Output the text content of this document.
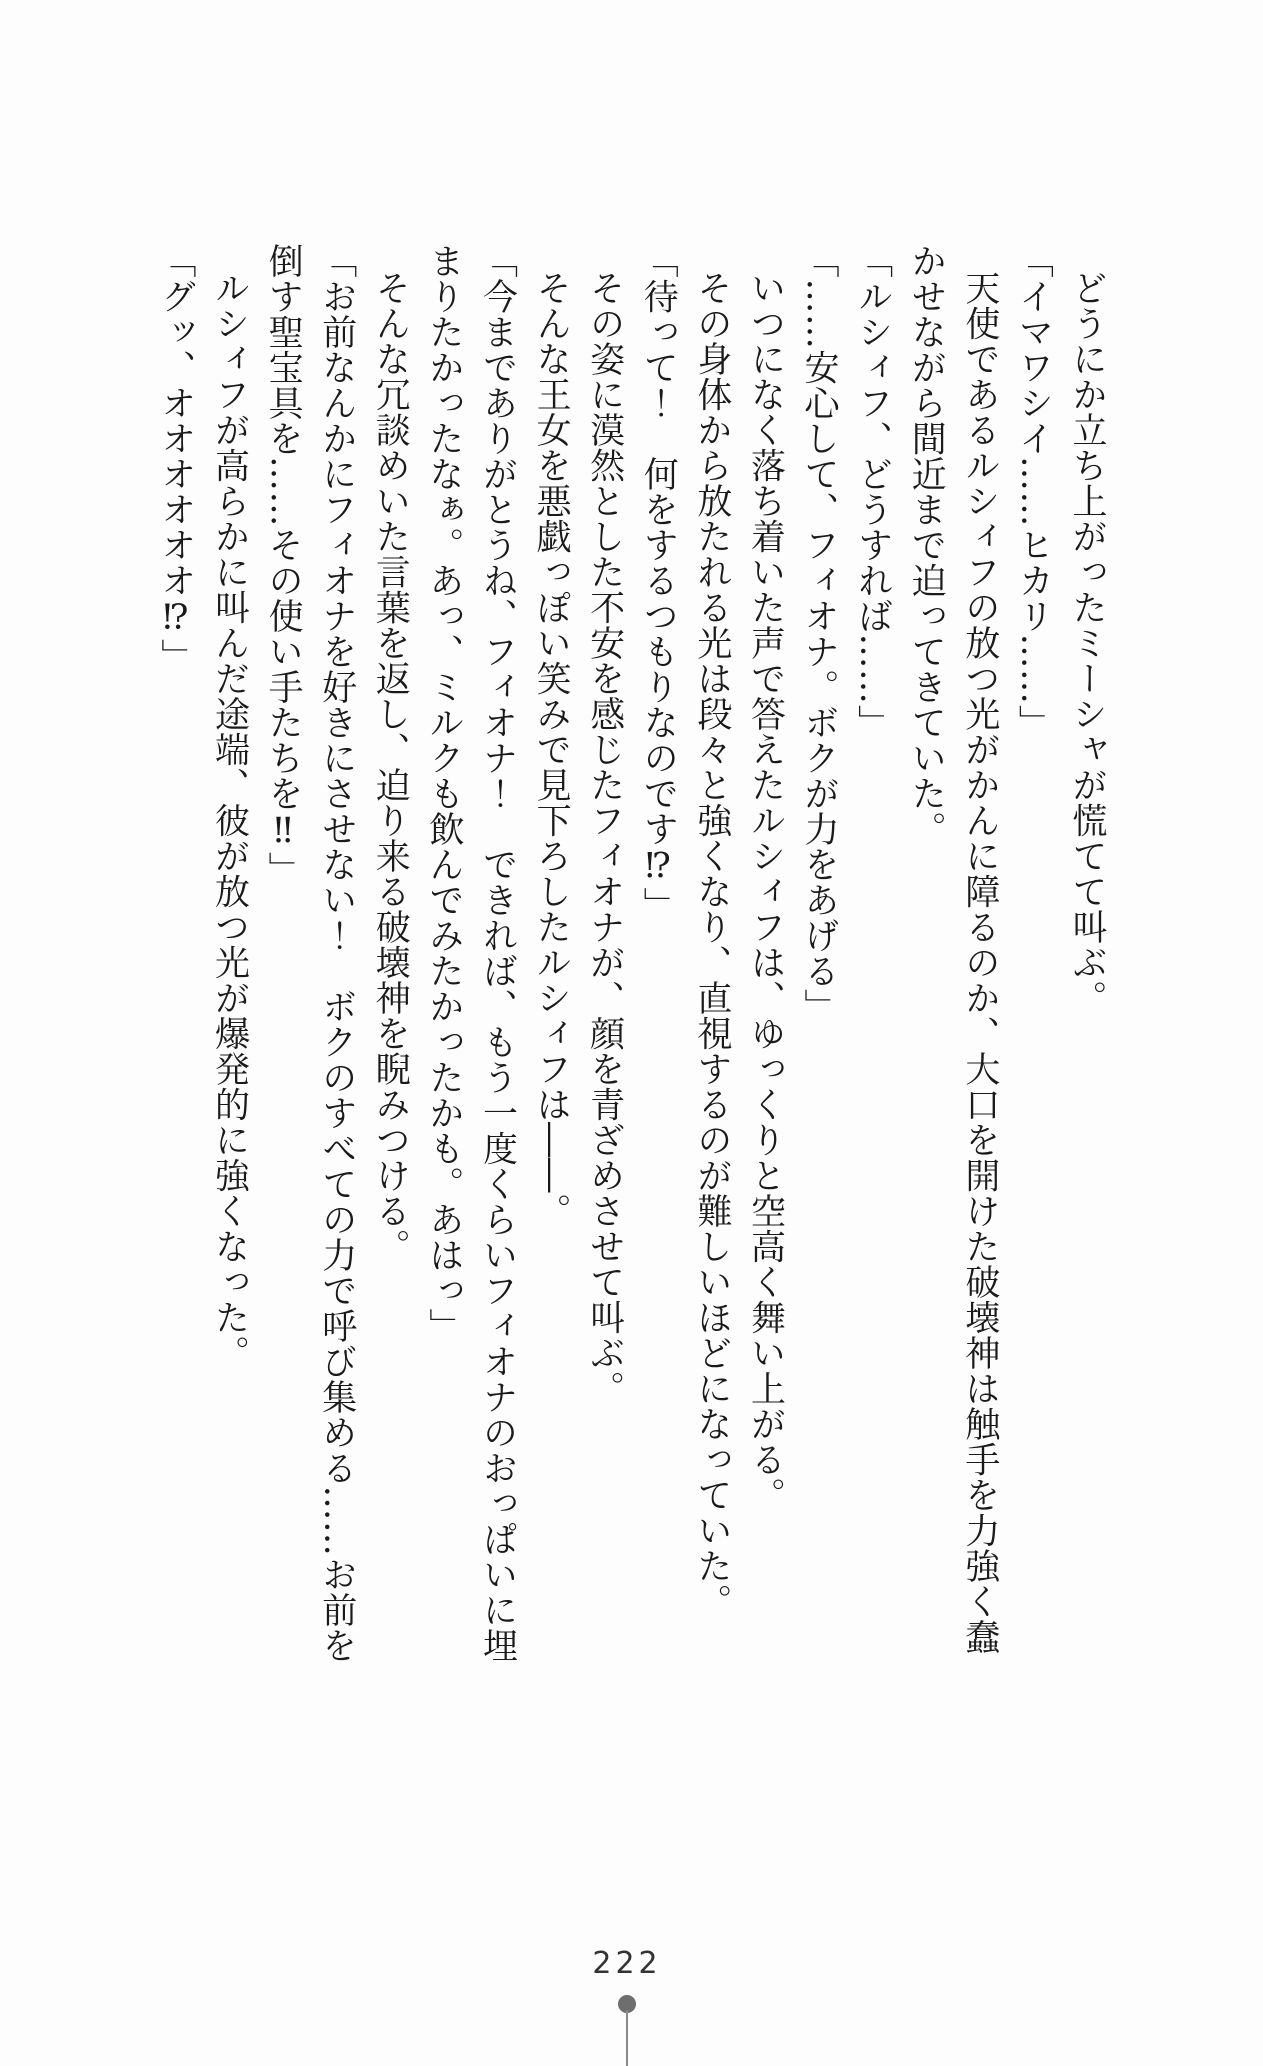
どうにか立ち上がったミーシャが慌てて叫ぶ。

「イマワシイ……ヒカリ……」

天使であるルシィフの放つ光がかんに障るのか、大口を開けた破壊神は触手を力強く蠢

かせながら間近まで迫ってきていた。

「ルシィフ、どうすれば……」

「……安心して、フィオナ。ボクが力をあげる」

いつになく落ち着いた声で答えたルシィフは、ゆっくりと空高く舞い上がる。

その身体から放たれる光は段々と強くなり、直視するのが難しいほどになっていた。

「待って！　何をするつもりなのです⁉」

その姿に漠然とした不安を感じたフィオナが、顔を青ざめさせて叫ぶ。

そんな王女を悪戯っぽい笑みで見下ろしたルシィフは――。

「今までありがとうね、フィオナ！　できれば、もう一度くらいフィオナのおっぱいに埋

まりたかったなぁ。あっ、ミルクも飲んでみたかったかも。あはっ」

そんな冗談めいた言葉を返し、迫り来る破壊神を睨みつける。

「お前なんかにフィオナを好きにさせない！　ボクのすべての力で呼び集める……お前を

倒す聖宝具を……その使い手たちを‼」

ルシィフが高らかに叫んだ途端、彼が放つ光が爆発的に強くなった。

「グッ、オオオオオオ⁉」

222
